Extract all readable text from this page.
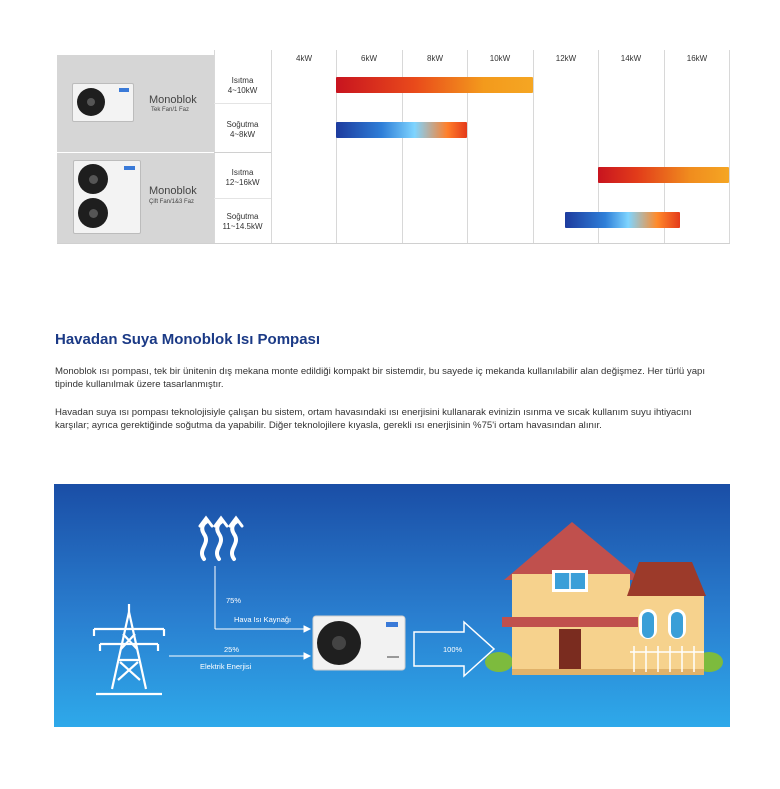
Monoblok
Tek Fan/1 Faz
Monoblok
Çift Fan/1&3 Faz
4kW	6kW	8kW	10kW	12kW	14kW	16kW
Isıtma
4~10kW
Soğutma
4~8kW
Isıtma
12~16kW
Soğutma
11~14.5kW
Havadan Suya Monoblok Isı Pompası
Monoblok ısı pompası, tek bir ünitenin dış mekana monte edildiği kompakt bir sistemdir, bu sayede iç mekanda kullanılabilir alan değişmez. Her türlü yapı tipinde kullanılmak üzere tasarlanmıştır.
Havadan suya ısı pompası teknolojisiyle çalışan bu sistem, ortam havasındaki ısı enerjisini kullanarak evinizin ısınma ve sıcak kullanım suyu ihtiyacını karşılar; ayrıca gerektiğinde soğutma da yapabilir. Diğer teknolojilere kıyasla, gerekli ısı enerjisinin %75'i ortam havasından alınır.
75%
Hava Isı Kaynağı
25%
Elektrik Enerjisi
100%
